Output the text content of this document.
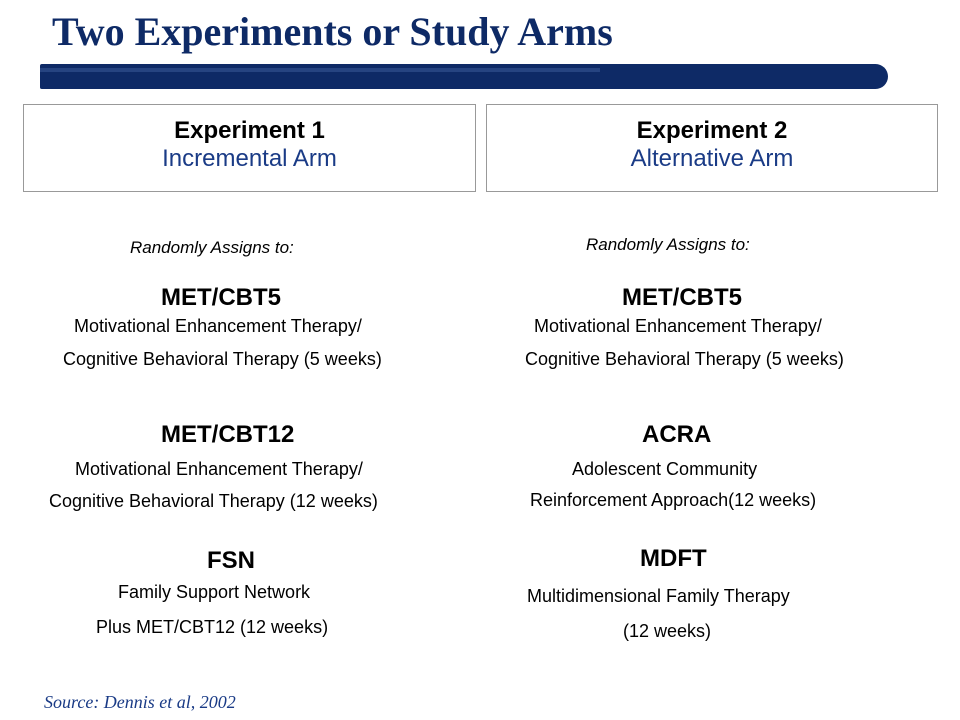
Two Experiments or Study Arms
Experiment 1
Incremental Arm
Experiment 2
Alternative Arm
Randomly Assigns to:
MET/CBT5
Motivational Enhancement Therapy/
Cognitive Behavioral Therapy (5 weeks)
MET/CBT12
Motivational Enhancement Therapy/
Cognitive Behavioral Therapy (12 weeks)
FSN
Family Support Network
Plus MET/CBT12 (12 weeks)
Randomly Assigns to:
MET/CBT5
Motivational Enhancement Therapy/
Cognitive Behavioral Therapy (5 weeks)
ACRA
Adolescent Community
Reinforcement Approach(12 weeks)
MDFT
Multidimensional Family Therapy
(12 weeks)
Source: Dennis et al, 2002
